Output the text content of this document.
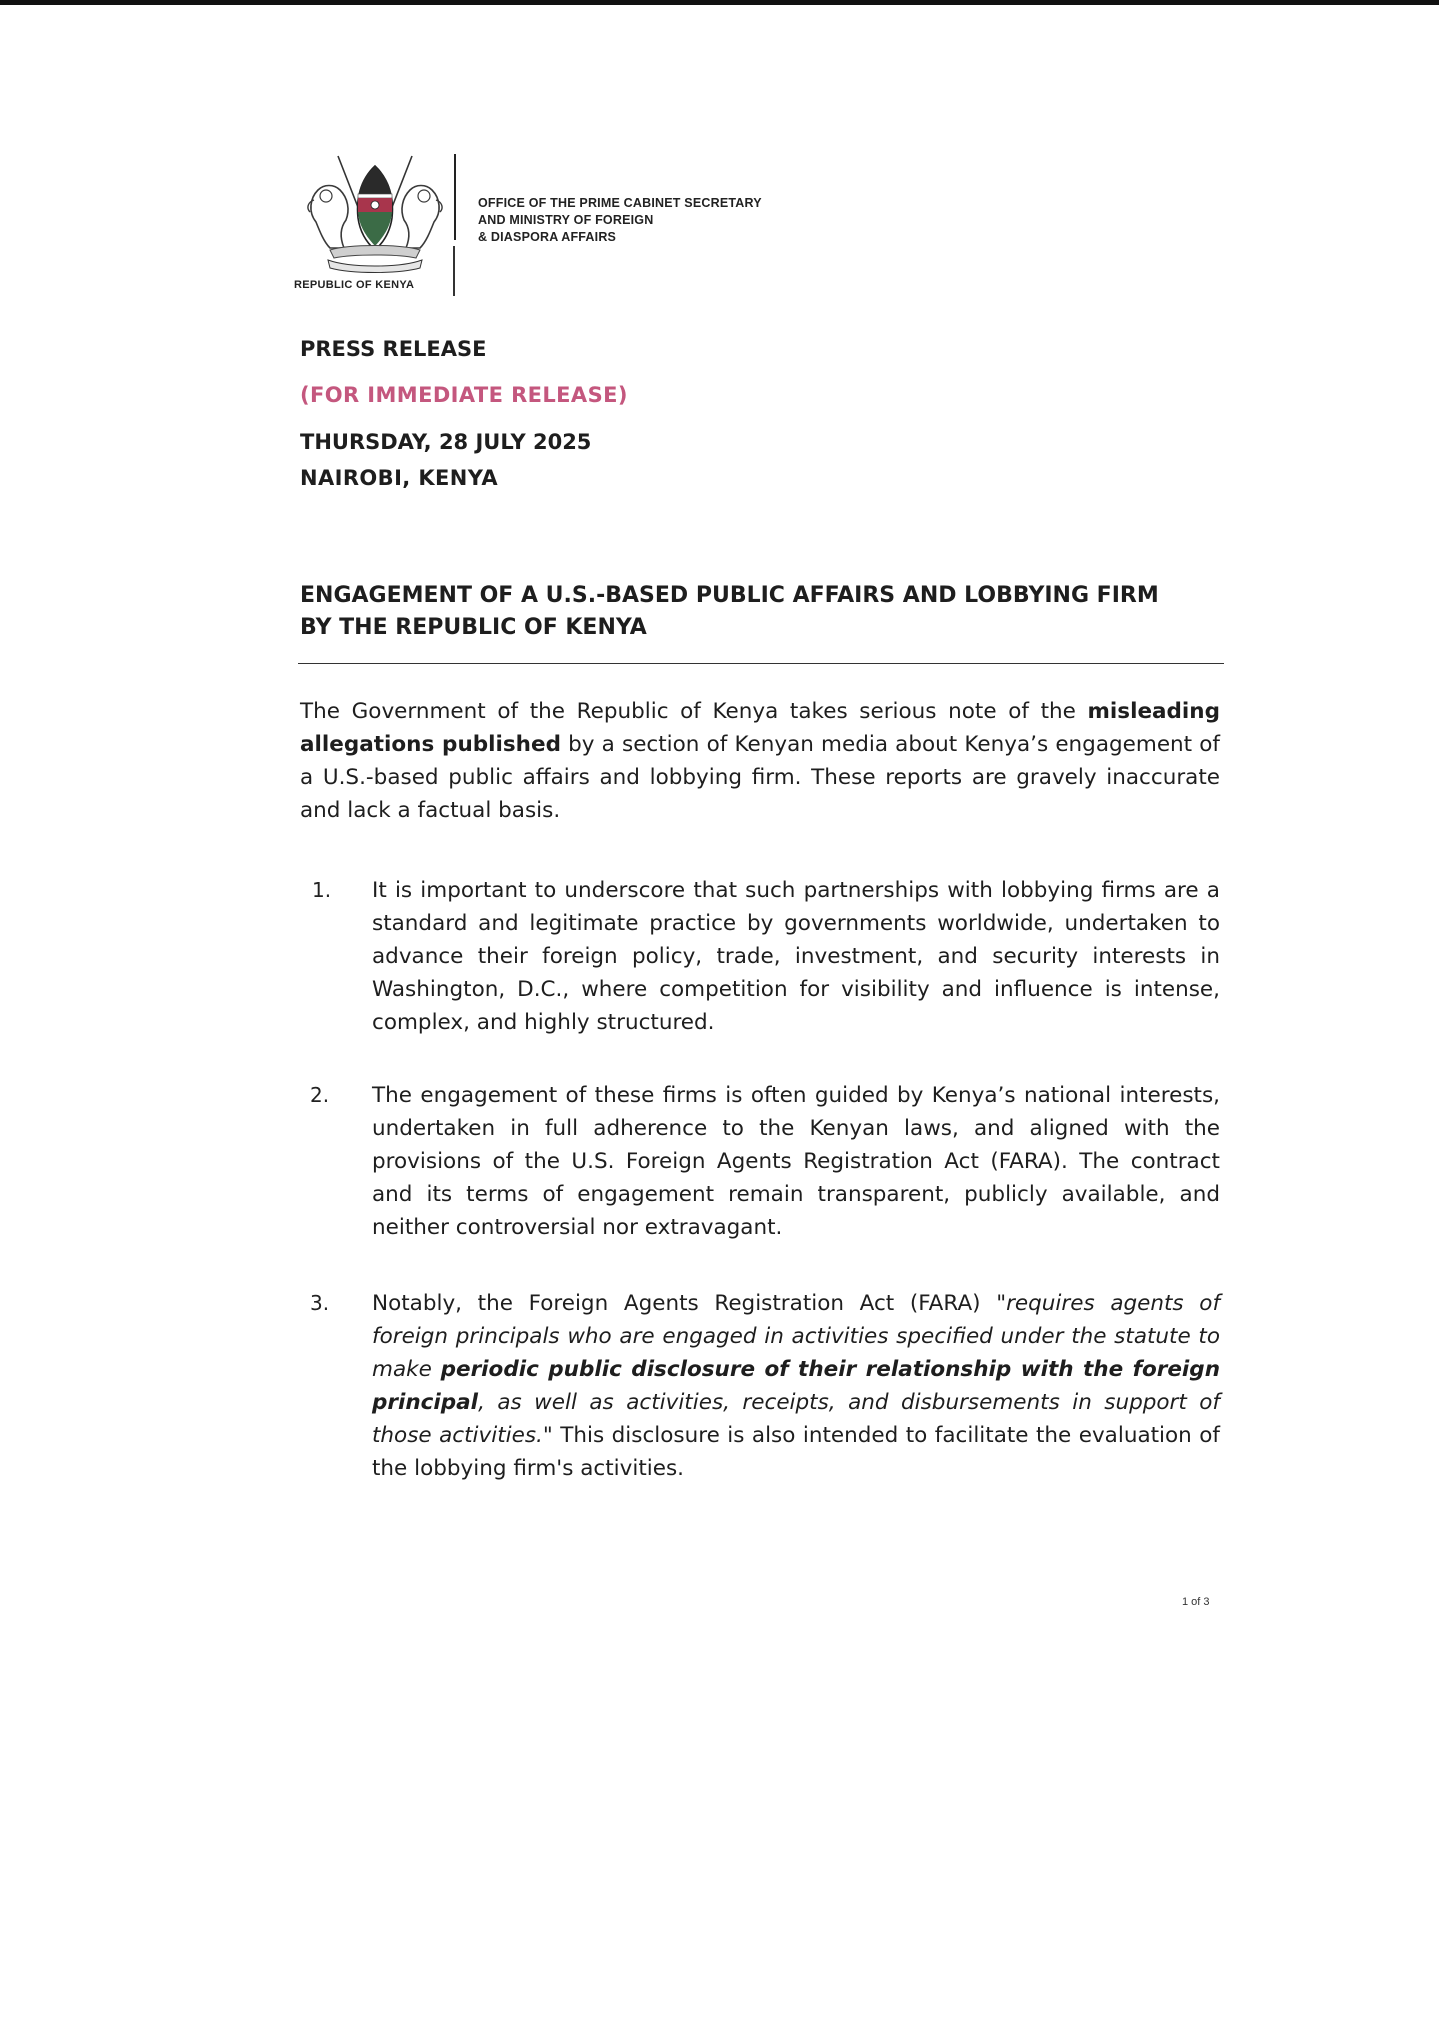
REPUBLIC OF KENYA
OFFICE OF THE PRIME CABINET SECRETARY
AND MINISTRY OF FOREIGN
& DIASPORA AFFAIRS
PRESS RELEASE
(FOR IMMEDIATE RELEASE)
THURSDAY, 28 JULY 2025
NAIROBI, KENYA
ENGAGEMENT OF A U.S.-BASED PUBLIC AFFAIRS AND LOBBYING FIRM
BY THE REPUBLIC OF KENYA
The Government of the Republic of Kenya takes serious note of the misleading allegations published by a section of Kenyan media about Kenya’s engagement of a U.S.-based public affairs and lobbying firm. These reports are gravely inaccurate and lack a factual basis.
1. It is important to underscore that such partnerships with lobbying firms are a standard and legitimate practice by governments worldwide, undertaken to advance their foreign policy, trade, investment, and security interests in Washington, D.C., where competition for visibility and influence is intense, complex, and highly structured.
2. The engagement of these firms is often guided by Kenya’s national interests, undertaken in full adherence to the Kenyan laws, and aligned with the provisions of the U.S. Foreign Agents Registration Act (FARA). The contract and its terms of engagement remain transparent, publicly available, and neither controversial nor extravagant.
3. Notably, the Foreign Agents Registration Act (FARA) "requires agents of foreign principals who are engaged in activities specified under the statute to make periodic public disclosure of their relationship with the foreign principal, as well as activities, receipts, and disbursements in support of those activities." This disclosure is also intended to facilitate the evaluation of the lobbying firm's activities.
1 of 3
